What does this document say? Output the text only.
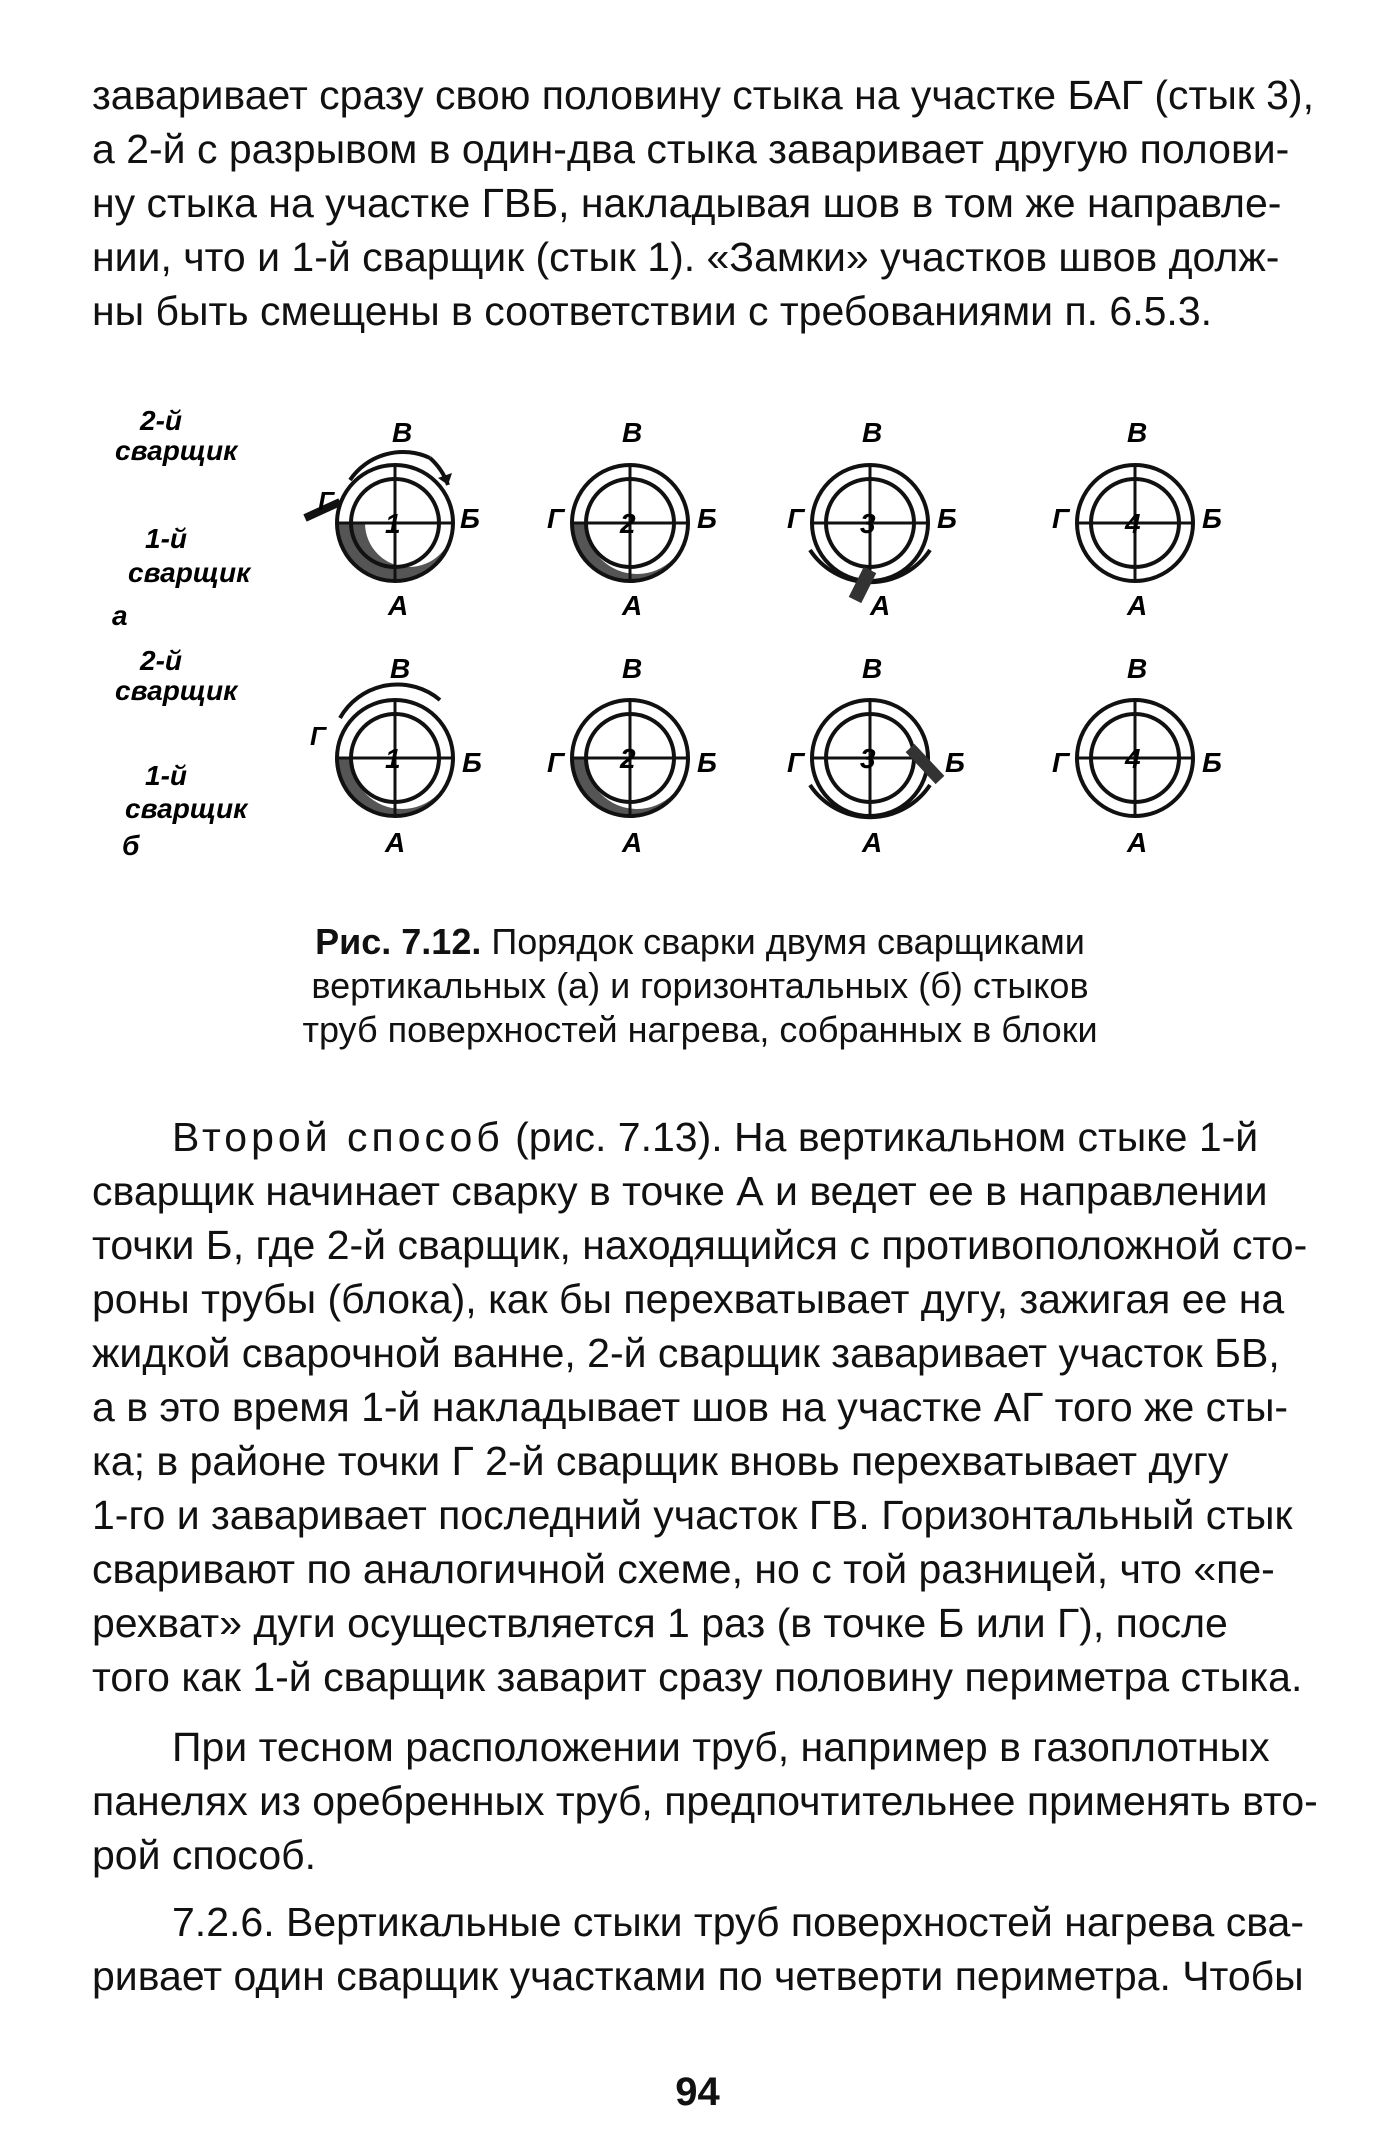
заваривает сразу свою половину стыка на участке БАГ (стык 3),
а 2-й с разрывом в один-два стыка заваривает другую полови-
ну стыка на участке ГВБ, накладывая шов в том же направле-
нии, что и 1-й сварщик (стык 1). «Замки» участков швов долж-
ны быть смещены в соответствии с требованиями п. 6.5.3.
2-й
сварщик
1-й
сварщик
а
2-й
сварщик
1-й
сварщик
б
1
В
Б
Г
А
2
В
Б
Г
А
3
В
Б
Г
А
4
В
Б
Г
А
1
В
Б
Г
А
2
В
Б
Г
А
3
В
Б
Г
А
4
В
Б
Г
А
Рис. 7.12. Порядок сварки двумя сварщиками
вертикальных (а) и горизонтальных (б) стыков
труб поверхностей нагрева, собранных в блоки
Второй способ (рис. 7.13). На вертикальном стыке 1-й
сварщик начинает сварку в точке А и ведет ее в направлении
точки Б, где 2-й сварщик, находящийся с противоположной сто-
роны трубы (блока), как бы перехватывает дугу, зажигая ее на
жидкой сварочной ванне, 2-й сварщик заваривает участок БВ,
а в это время 1-й накладывает шов на участке АГ того же сты-
ка; в районе точки Г 2-й сварщик вновь перехватывает дугу
1-го и заваривает последний участок ГВ. Горизонтальный стык
сваривают по аналогичной схеме, но с той разницей, что «пе-
рехват» дуги осуществляется 1 раз (в точке Б или Г), после
того как 1-й сварщик заварит сразу половину периметра стыка.
При тесном расположении труб, например в газоплотных
панелях из оребренных труб, предпочтительнее применять вто-
рой способ.
7.2.6. Вертикальные стыки труб поверхностей нагрева сва-
ривает один сварщик участками по четверти периметра. Чтобы
94
